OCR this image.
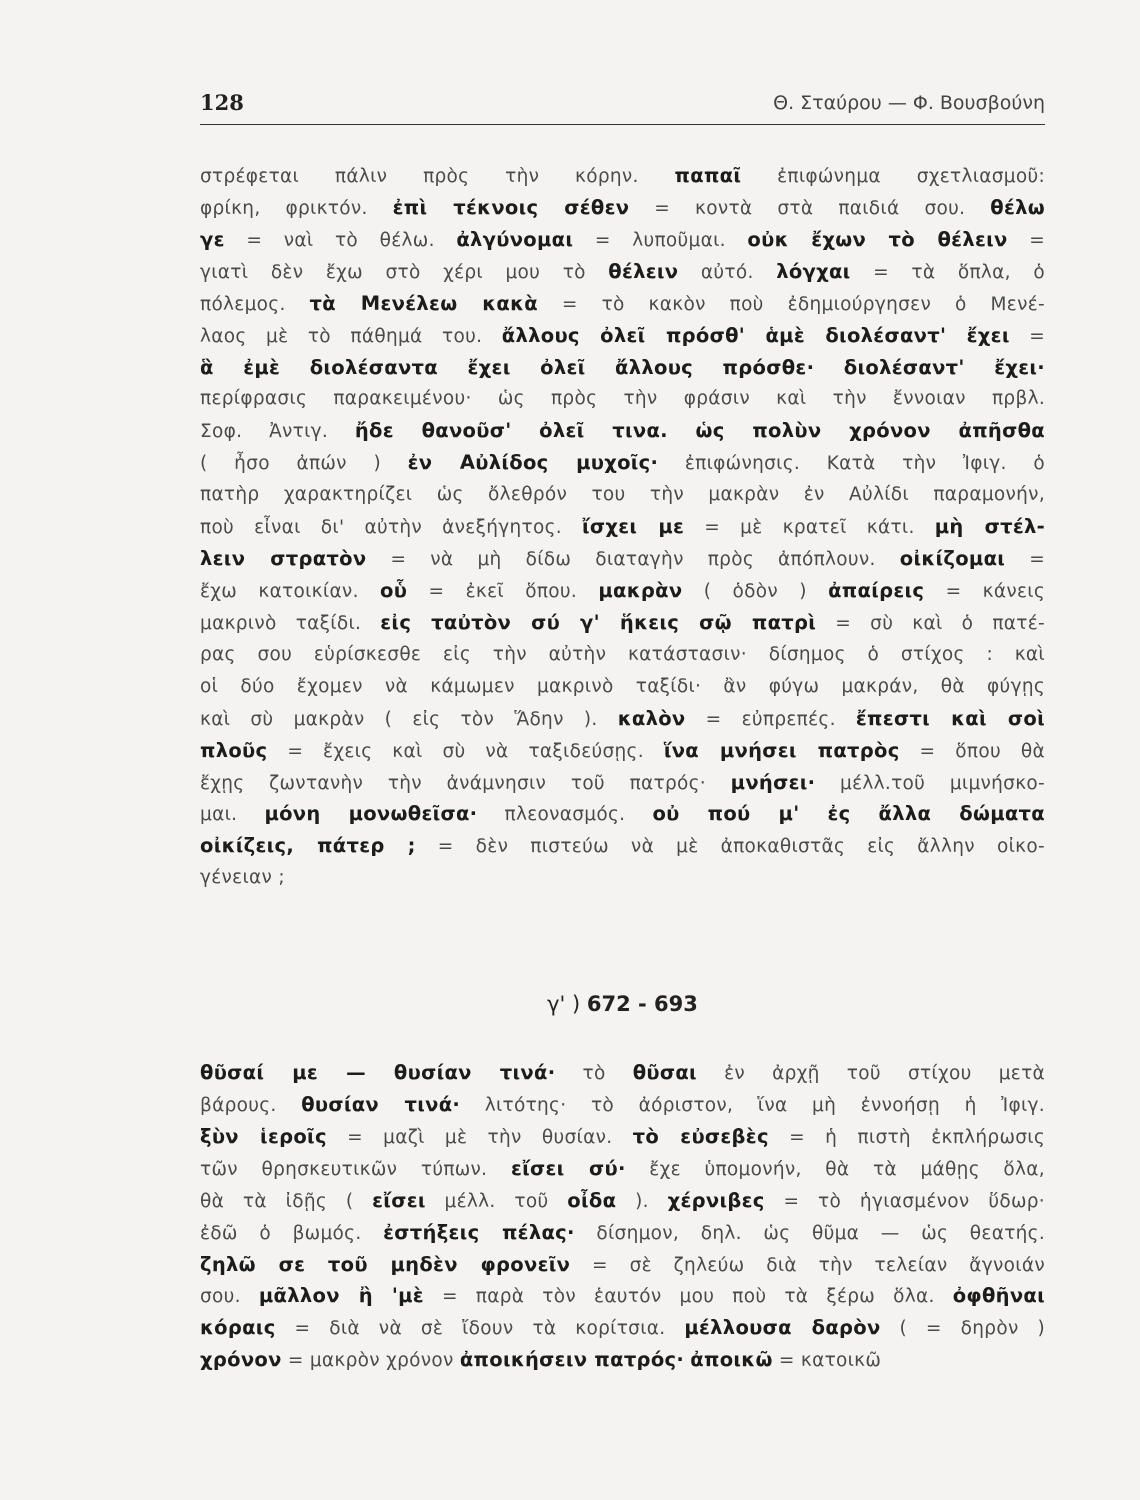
128	Θ. Σταύρου — Φ. Βουσβούνη
στρέφεται πάλιν πρὸς τὴν κόρην. παπαῖ ἐπιφώνημα σχετλιασμοῦ:
φρίκη, φρικτόν. ἐπὶ τέκνοις σέθεν = κοντὰ στὰ παιδιά σου. θέλω
γε = ναὶ τὸ θέλω. ἀλγύνομαι = λυποῦμαι. οὐκ ἔχων τὸ θέλειν =
γιατὶ δὲν ἔχω στὸ χέρι μου τὸ θέλειν αὐτό. λόγχαι = τὰ ὅπλα, ὁ
πόλεμος. τὰ Μενέλεω κακὰ = τὸ κακὸν ποὺ ἐδημιούργησεν ὁ Μενέ-
λαος μὲ τὸ πάθημά του. ἄλλους ὀλεῖ πρόσθ' ἁμὲ διολέσαντ' ἔχει =
ἃ ἐμὲ διολέσαντα ἔχει ὀλεῖ ἄλλους πρόσθε· διολέσαντ' ἔχει·
περίφρασις παρακειμένου· ὡς πρὸς τὴν φράσιν καὶ τὴν ἔννοιαν πρβλ.
Σοφ. Ἀντιγ. ἤδε θανοῦσ' ὀλεῖ τινα. ὡς πολὺν χρόνον ἀπῆσθα
( ἦσο ἀπών ) ἐν Αὐλίδος μυχοῖς· ἐπιφώνησις. Κατὰ τὴν Ἰφιγ. ὁ
πατὴρ χαρακτηρίζει ὡς ὄλεθρόν του τὴν μακρὰν ἐν Αὐλίδι παραμονήν,
ποὺ εἶναι δι' αὐτὴν ἀνεξήγητος. ἴσχει με = μὲ κρατεῖ κάτι. μὴ στέλ-
λειν στρατὸν = νὰ μὴ δίδω διαταγὴν πρὸς ἀπόπλουν. οἰκίζομαι =
ἔχω κατοικίαν. οὗ = ἐκεῖ ὅπου. μακρὰν ( ὁδὸν ) ἀπαίρεις = κάνεις
μακρινὸ ταξίδι. εἰς ταὐτὸν σύ γ' ἥκεις σῷ πατρὶ = σὺ καὶ ὁ πατέ-
ρας σου εὑρίσκεσθε εἰς τὴν αὐτὴν κατάστασιν· δίσημος ὁ στίχος : καὶ
οἱ δύο ἔχομεν νὰ κάμωμεν μακρινὸ ταξίδι· ἂν φύγω μακράν, θὰ φύγῃς
καὶ σὺ μακρὰν ( εἰς τὸν Ἅδην ). καλὸν = εὐπρεπές. ἔπεστι καὶ σοὶ
πλοῦς = ἔχεις καὶ σὺ νὰ ταξιδεύσῃς. ἵνα μνήσει πατρὸς = ὅπου θὰ
ἔχῃς ζωντανὴν τὴν ἀνάμνησιν τοῦ πατρός· μνήσει· μέλλ.τοῦ μιμνήσκο-
μαι. μόνη μονωθεῖσα· πλεονασμός. οὐ πού μ' ἐς ἄλλα δώματα
οἰκίζεις, πάτερ ; = δὲν πιστεύω νὰ μὲ ἀποκαθιστᾶς εἰς ἄλλην οἰκο-
γένειαν ;
γ' ) 672 - 693
θῦσαί με — θυσίαν τινά· τὸ θῦσαι ἐν ἀρχῇ τοῦ στίχου μετὰ
βάρους. θυσίαν τινά· λιτότης· τὸ ἀόριστον, ἵνα μὴ ἐννοήσῃ ἡ Ἰφιγ.
ξὺν ἱεροῖς = μαζὶ μὲ τὴν θυσίαν. τὸ εὐσεβὲς = ἡ πιστὴ ἐκπλήρωσις
τῶν θρησκευτικῶν τύπων. εἴσει σύ· ἔχε ὑπομονήν, θὰ τὰ μάθῃς ὅλα,
θὰ τὰ ἰδῇς ( εἴσει μέλλ. τοῦ οἶδα ). χέρνιβες = τὸ ἡγιασμένον ὕδωρ·
ἐδῶ ὁ βωμός. ἐστήξεις πέλας· δίσημον, δηλ. ὡς θῦμα — ὡς θεατής.
ζηλῶ σε τοῦ μηδὲν φρονεῖν = σὲ ζηλεύω διὰ τὴν τελείαν ἄγνοιάν
σου. μᾶλλον ἢ 'μὲ = παρὰ τὸν ἑαυτόν μου ποὺ τὰ ξέρω ὅλα. ὀφθῆναι
κόραις = διὰ νὰ σὲ ἴδουν τὰ κορίτσια. μέλλουσα δαρὸν ( = δηρὸν )
χρόνον = μακρὸν χρόνον ἀποικήσειν πατρός· ἀποικῶ = κατοικῶ
